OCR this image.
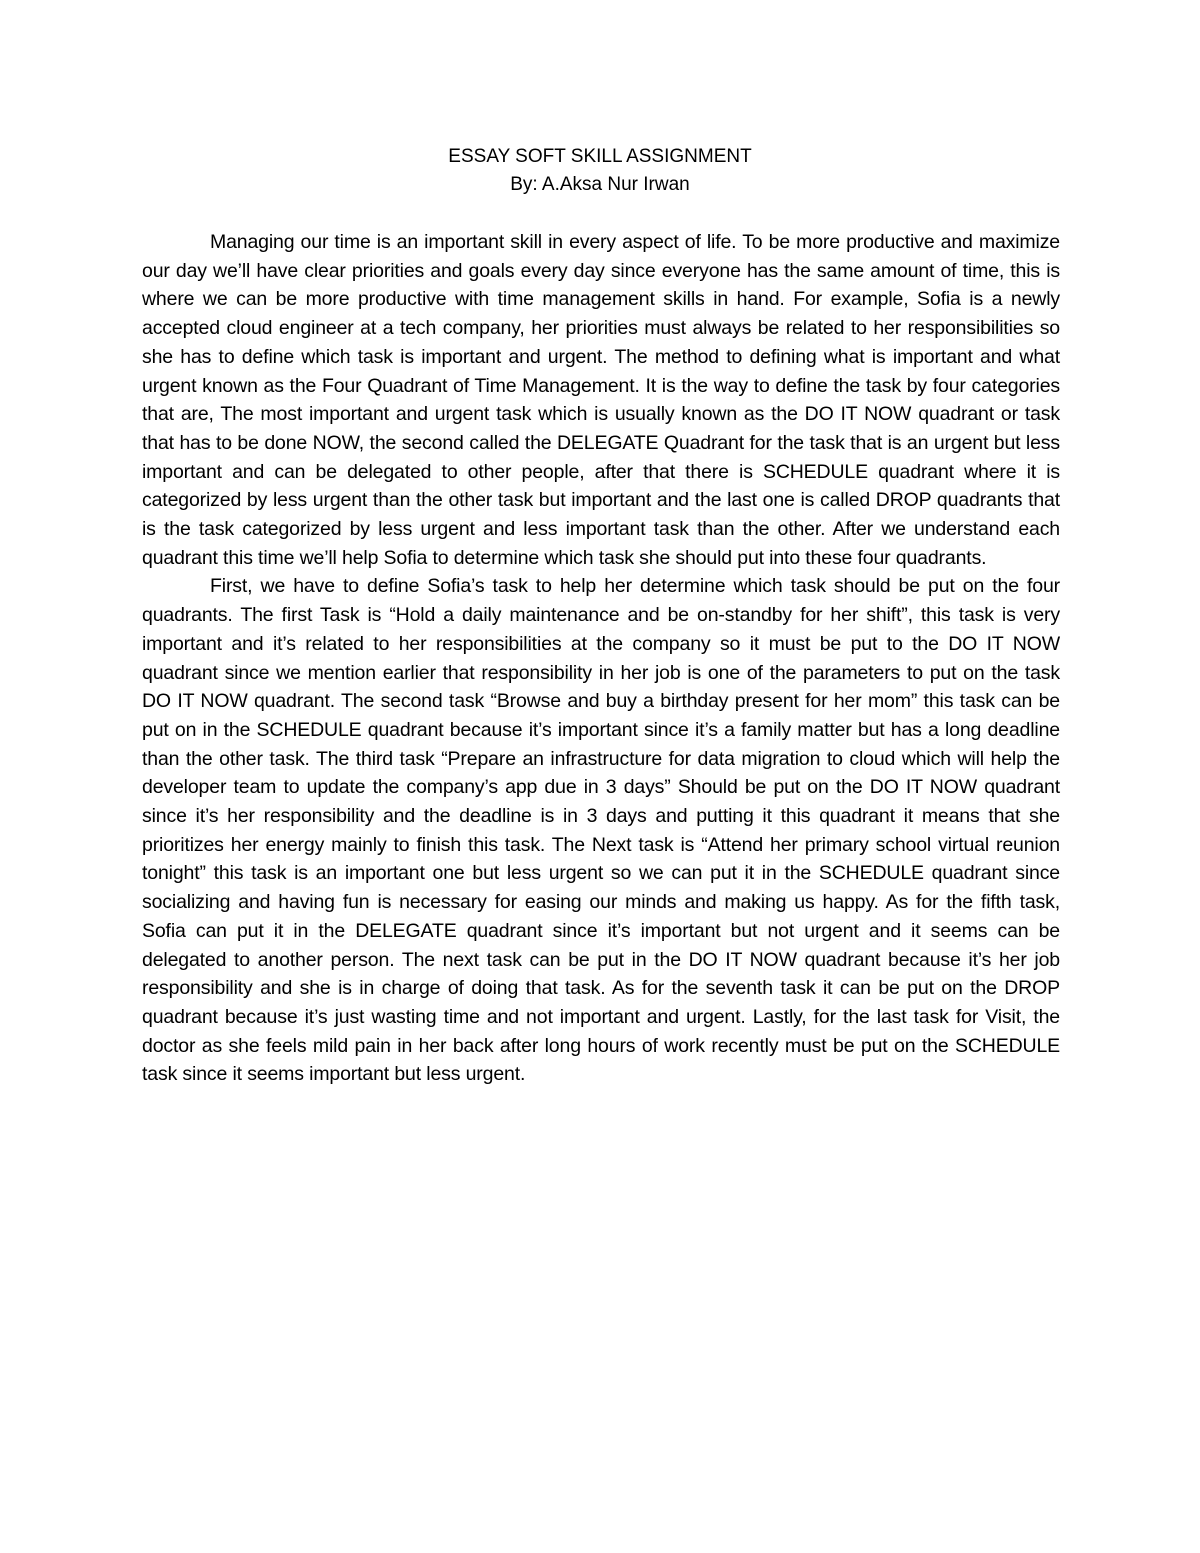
ESSAY SOFT SKILL ASSIGNMENT
By: A.Aksa Nur Irwan

Managing our time is an important skill in every aspect of life. To be more productive and maximize our day we’ll have clear priorities and goals every day since everyone has the same amount of time, this is where we can be more productive with time management skills in hand. For example, Sofia is a newly accepted cloud engineer at a tech company, her priorities must always be related to her responsibilities so she has to define which task is important and urgent. The method to defining what is important and what urgent known as the Four Quadrant of Time Management. It is the way to define the task by four categories that are, The most important and urgent task which is usually known as the DO IT NOW quadrant or task that has to be done NOW, the second called the DELEGATE Quadrant for the task that is an urgent but less important and can be delegated to other people, after that there is SCHEDULE quadrant where it is categorized by less urgent than the other task but important and the last one is called DROP quadrants that is the task categorized by less urgent and less important task than the other. After we understand each quadrant this time we’ll help Sofia to determine which task she should put into these four quadrants.

First, we have to define Sofia’s task to help her determine which task should be put on the four quadrants. The first Task is “Hold a daily maintenance and be on-standby for her shift”, this task is very important and it’s related to her responsibilities at the company so it must be put to the DO IT NOW quadrant since we mention earlier that responsibility in her job is one of the parameters to put on the task DO IT NOW quadrant. The second task “Browse and buy a birthday present for her mom” this task can be put on in the SCHEDULE quadrant because it’s important since it’s a family matter but has a long deadline than the other task. The third task “Prepare an infrastructure for data migration to cloud which will help the developer team to update the company’s app due in 3 days” Should be put on the DO IT NOW quadrant since it’s her responsibility and the deadline is in 3 days and putting it this quadrant it means that she prioritizes her energy mainly to finish this task. The Next task is “Attend her primary school virtual reunion tonight” this task is an important one but less urgent so we can put it in the SCHEDULE quadrant since socializing and having fun is necessary for easing our minds and making us happy. As for the fifth task, Sofia can put it in the DELEGATE quadrant since it’s important but not urgent and it seems can be delegated to another person. The next task can be put in the DO IT NOW quadrant because it’s her job responsibility and she is in charge of doing that task. As for the seventh task it can be put on the DROP quadrant because it’s just wasting time and not important and urgent. Lastly, for the last task for Visit, the doctor as she feels mild pain in her back after long hours of work recently must be put on the SCHEDULE task since it seems important but less urgent.
